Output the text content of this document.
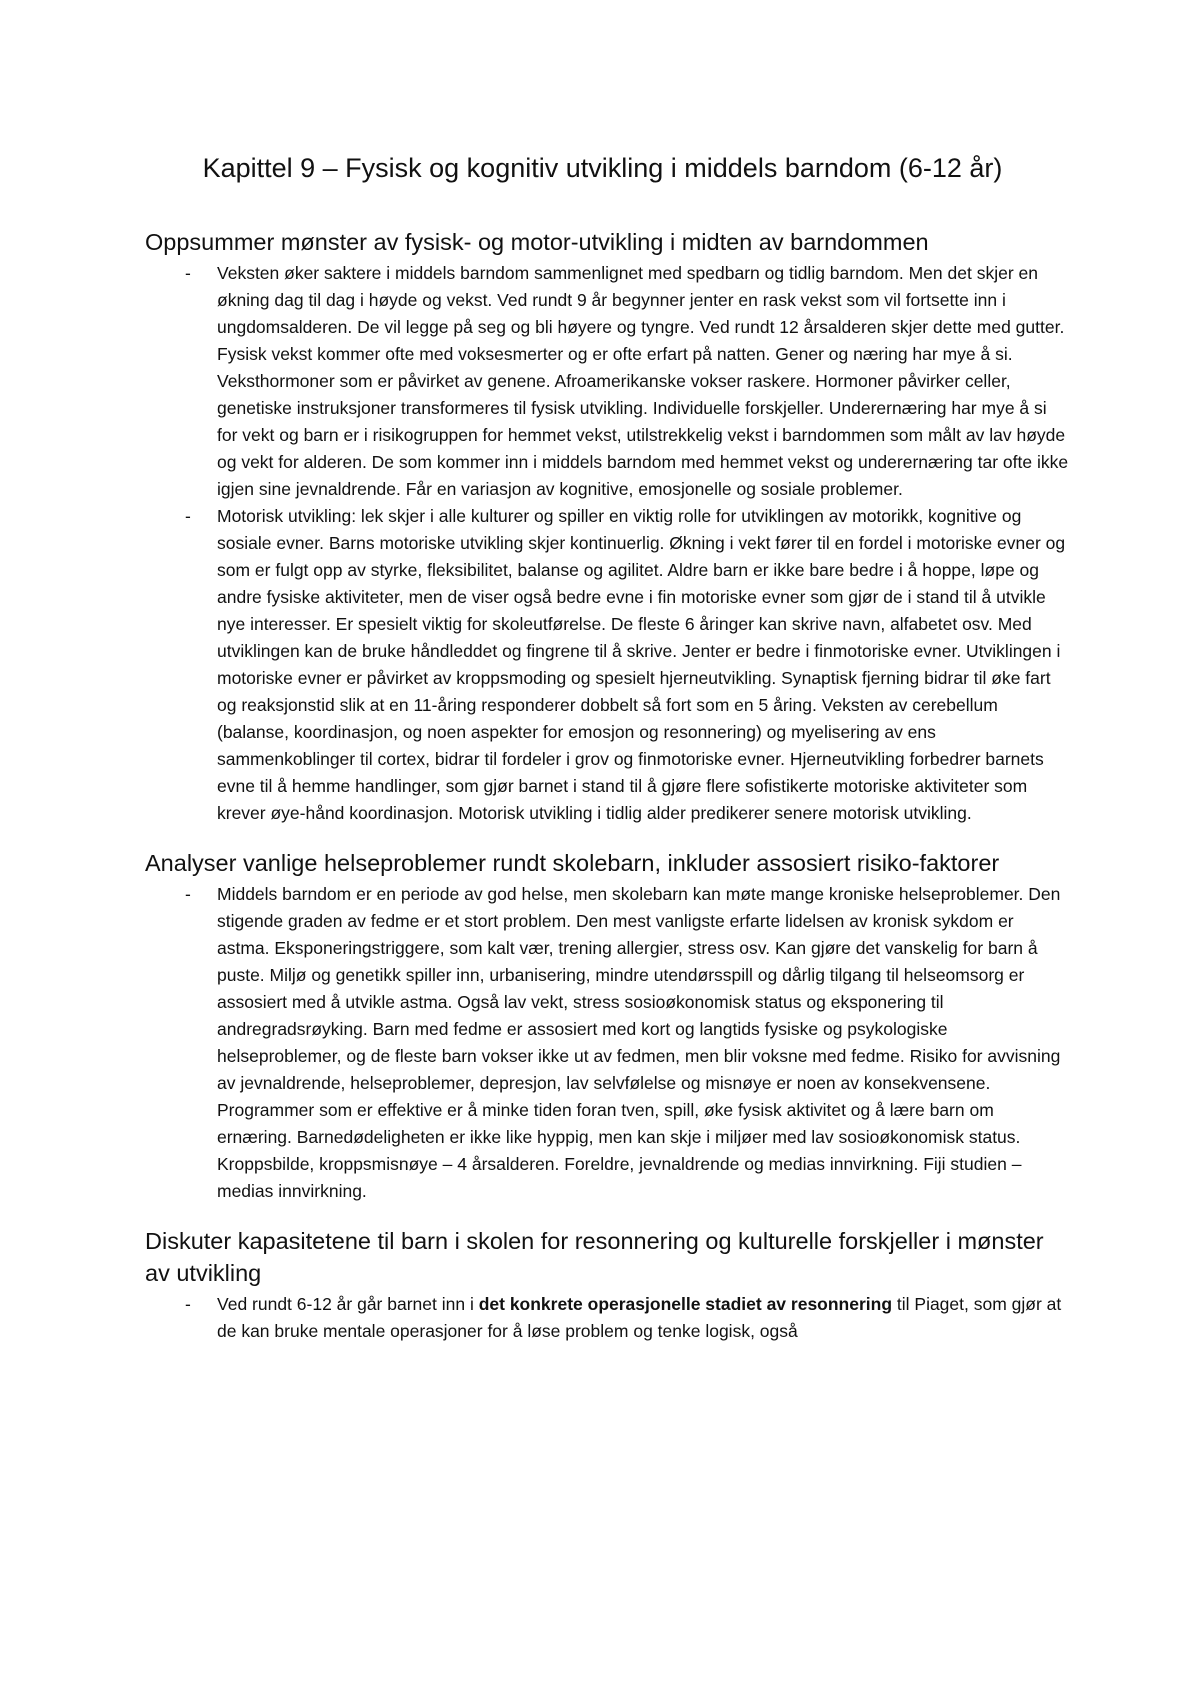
Kapittel 9 – Fysisk og kognitiv utvikling i middels barndom (6-12 år)
Oppsummer mønster av fysisk- og motor-utvikling i midten av barndommen
- Veksten øker saktere i middels barndom sammenlignet med spedbarn og tidlig barndom. Men det skjer en økning dag til dag i høyde og vekst. Ved rundt 9 år begynner jenter en rask vekst som vil fortsette inn i ungdomsalderen. De vil legge på seg og bli høyere og tyngre. Ved rundt 12 årsalderen skjer dette med gutter. Fysisk vekst kommer ofte med voksesmerter og er ofte erfart på natten. Gener og næring har mye å si. Veksthormoner som er påvirket av genene. Afroamerikanske vokser raskere. Hormoner påvirker celler, genetiske instruksjoner transformeres til fysisk utvikling. Individuelle forskjeller. Underernæring har mye å si for vekt og barn er i risikogruppen for hemmet vekst, utilstrekkelig vekst i barndommen som målt av lav høyde og vekt for alderen. De som kommer inn i middels barndom med hemmet vekst og underernæring tar ofte ikke igjen sine jevnaldrende. Får en variasjon av kognitive, emosjonelle og sosiale problemer.
- Motorisk utvikling: lek skjer i alle kulturer og spiller en viktig rolle for utviklingen av motorikk, kognitive og sosiale evner. Barns motoriske utvikling skjer kontinuerlig. Økning i vekt fører til en fordel i motoriske evner og som er fulgt opp av styrke, fleksibilitet, balanse og agilitet. Aldre barn er ikke bare bedre i å hoppe, løpe og andre fysiske aktiviteter, men de viser også bedre evne i fin motoriske evner som gjør de i stand til å utvikle nye interesser. Er spesielt viktig for skoleutførelse. De fleste 6 åringer kan skrive navn, alfabetet osv. Med utviklingen kan de bruke håndleddet og fingrene til å skrive. Jenter er bedre i finmotoriske evner. Utviklingen i motoriske evner er påvirket av kroppsmoding og spesielt hjerneutvikling. Synaptisk fjerning bidrar til øke fart og reaksjonstid slik at en 11-åring responderer dobbelt så fort som en 5 åring. Veksten av cerebellum (balanse, koordinasjon, og noen aspekter for emosjon og resonnering) og myelisering av ens sammenkoblinger til cortex, bidrar til fordeler i grov og finmotoriske evner. Hjerneutvikling forbedrer barnets evne til å hemme handlinger, som gjør barnet i stand til å gjøre flere sofistikerte motoriske aktiviteter som krever øye-hånd koordinasjon. Motorisk utvikling i tidlig alder predikerer senere motorisk utvikling.
Analyser vanlige helseproblemer rundt skolebarn, inkluder assosiert risiko-faktorer
- Middels barndom er en periode av god helse, men skolebarn kan møte mange kroniske helseproblemer. Den stigende graden av fedme er et stort problem. Den mest vanligste erfarte lidelsen av kronisk sykdom er astma. Eksponeringstriggere, som kalt vær, trening allergier, stress osv. Kan gjøre det vanskelig for barn å puste. Miljø og genetikk spiller inn, urbanisering, mindre utendørsspill og dårlig tilgang til helseomsorg er assosiert med å utvikle astma. Også lav vekt, stress sosioøkonomisk status og eksponering til andregradsrøyking. Barn med fedme er assosiert med kort og langtids fysiske og psykologiske helseproblemer, og de fleste barn vokser ikke ut av fedmen, men blir voksne med fedme. Risiko for avvisning av jevnaldrende, helseproblemer, depresjon, lav selvfølelse og misnøye er noen av konsekvensene. Programmer som er effektive er å minke tiden foran tven, spill, øke fysisk aktivitet og å lære barn om ernæring. Barnedødeligheten er ikke like hyppig, men kan skje i miljøer med lav sosioøkonomisk status. Kroppsbilde, kroppsmisnøye – 4 årsalderen. Foreldre, jevnaldrende og medias innvirkning. Fiji studien – medias innvirkning.
Diskuter kapasitetene til barn i skolen for resonnering og kulturelle forskjeller i mønster av utvikling
- Ved rundt 6-12 år går barnet inn i det konkrete operasjonelle stadiet av resonnering til Piaget, som gjør at de kan bruke mentale operasjoner for å løse problem og tenke logisk, også
